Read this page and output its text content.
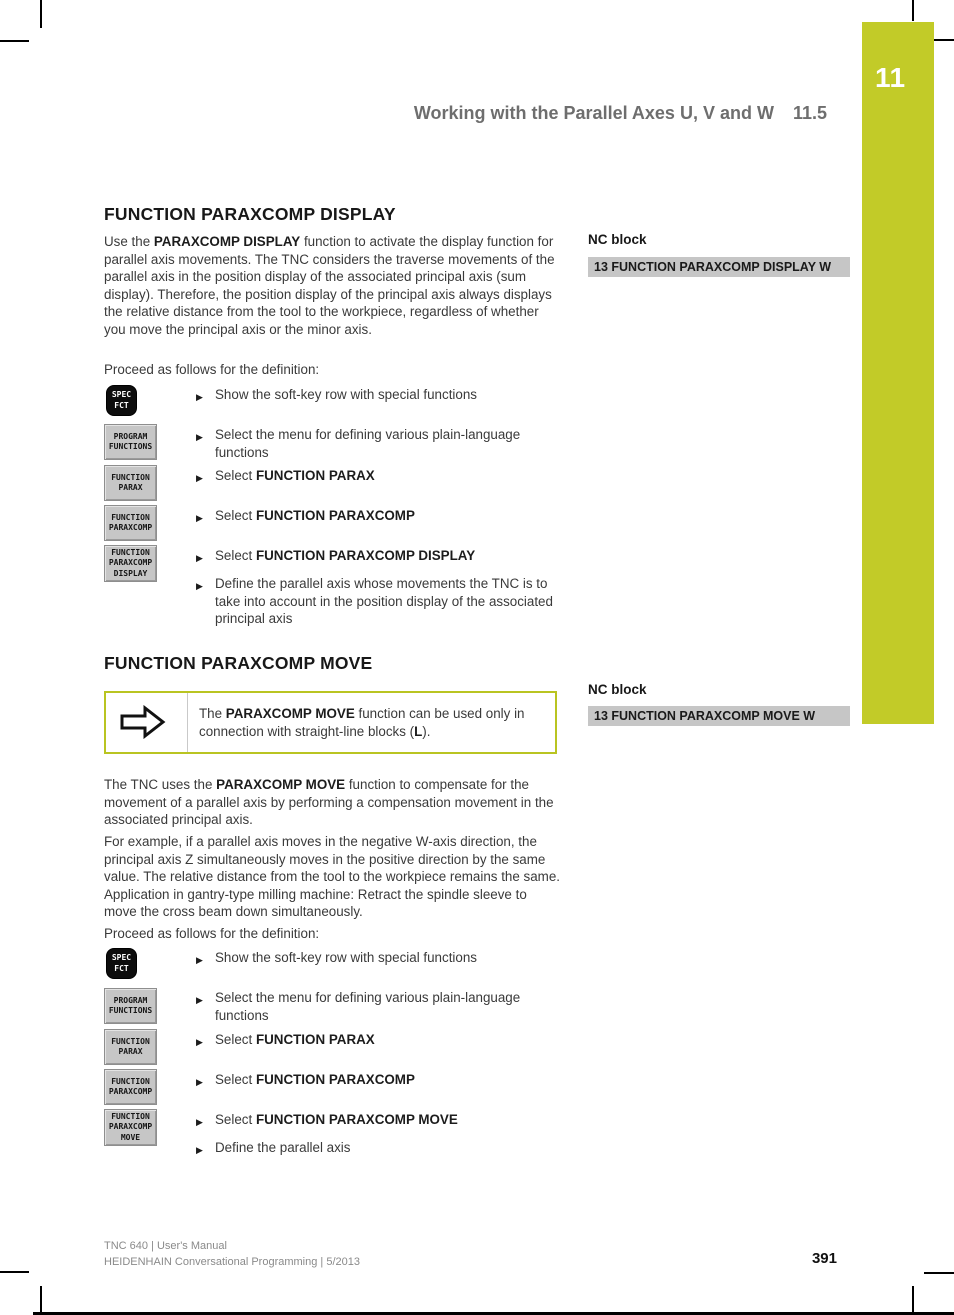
11
Working with the Parallel Axes U, V and W 11.5
FUNCTION PARAXCOMP DISPLAY
Use the PARAXCOMP DISPLAY function to activate the display function for parallel axis movements. The TNC considers the traverse movements of the parallel axis in the position display of the associated principal axis (sum display). Therefore, the position display of the principal axis always displays the relative distance from the tool to the workpiece, regardless of whether you move the principal axis or the minor axis.
Proceed as follows for the definition:
SPEC
FCT
PROGRAM
FUNCTIONS
FUNCTION
PARAX
FUNCTION
PARAXCOMP
FUNCTION
PARAXCOMP
DISPLAY
▶ Show the soft-key row with special functions
▶ Select the menu for defining various plain-language functions
▶ Select FUNCTION PARAX
▶ Select FUNCTION PARAXCOMP
▶ Select FUNCTION PARAXCOMP DISPLAY
▶ Define the parallel axis whose movements the TNC is to take into account in the position display of the associated principal axis
NC block
13 FUNCTION PARAXCOMP DISPLAY W
FUNCTION PARAXCOMP MOVE
The PARAXCOMP MOVE function can be used only in connection with straight-line blocks (L).
The TNC uses the PARAXCOMP MOVE function to compensate for the movement of a parallel axis by performing a compensation movement in the associated principal axis.
For example, if a parallel axis moves in the negative W-axis direction, the principal axis Z simultaneously moves in the positive direction by the same value. The relative distance from the tool to the workpiece remains the same. Application in gantry-type milling machine: Retract the spindle sleeve to move the cross beam down simultaneously.
Proceed as follows for the definition:
SPEC
FCT
PROGRAM
FUNCTIONS
FUNCTION
PARAX
FUNCTION
PARAXCOMP
FUNCTION
PARAXCOMP
MOVE
▶ Show the soft-key row with special functions
▶ Select the menu for defining various plain-language functions
▶ Select FUNCTION PARAX
▶ Select FUNCTION PARAXCOMP
▶ Select FUNCTION PARAXCOMP MOVE
▶ Define the parallel axis
NC block
13 FUNCTION PARAXCOMP MOVE W
TNC 640 | User's Manual
HEIDENHAIN Conversational Programming | 5/2013	391
